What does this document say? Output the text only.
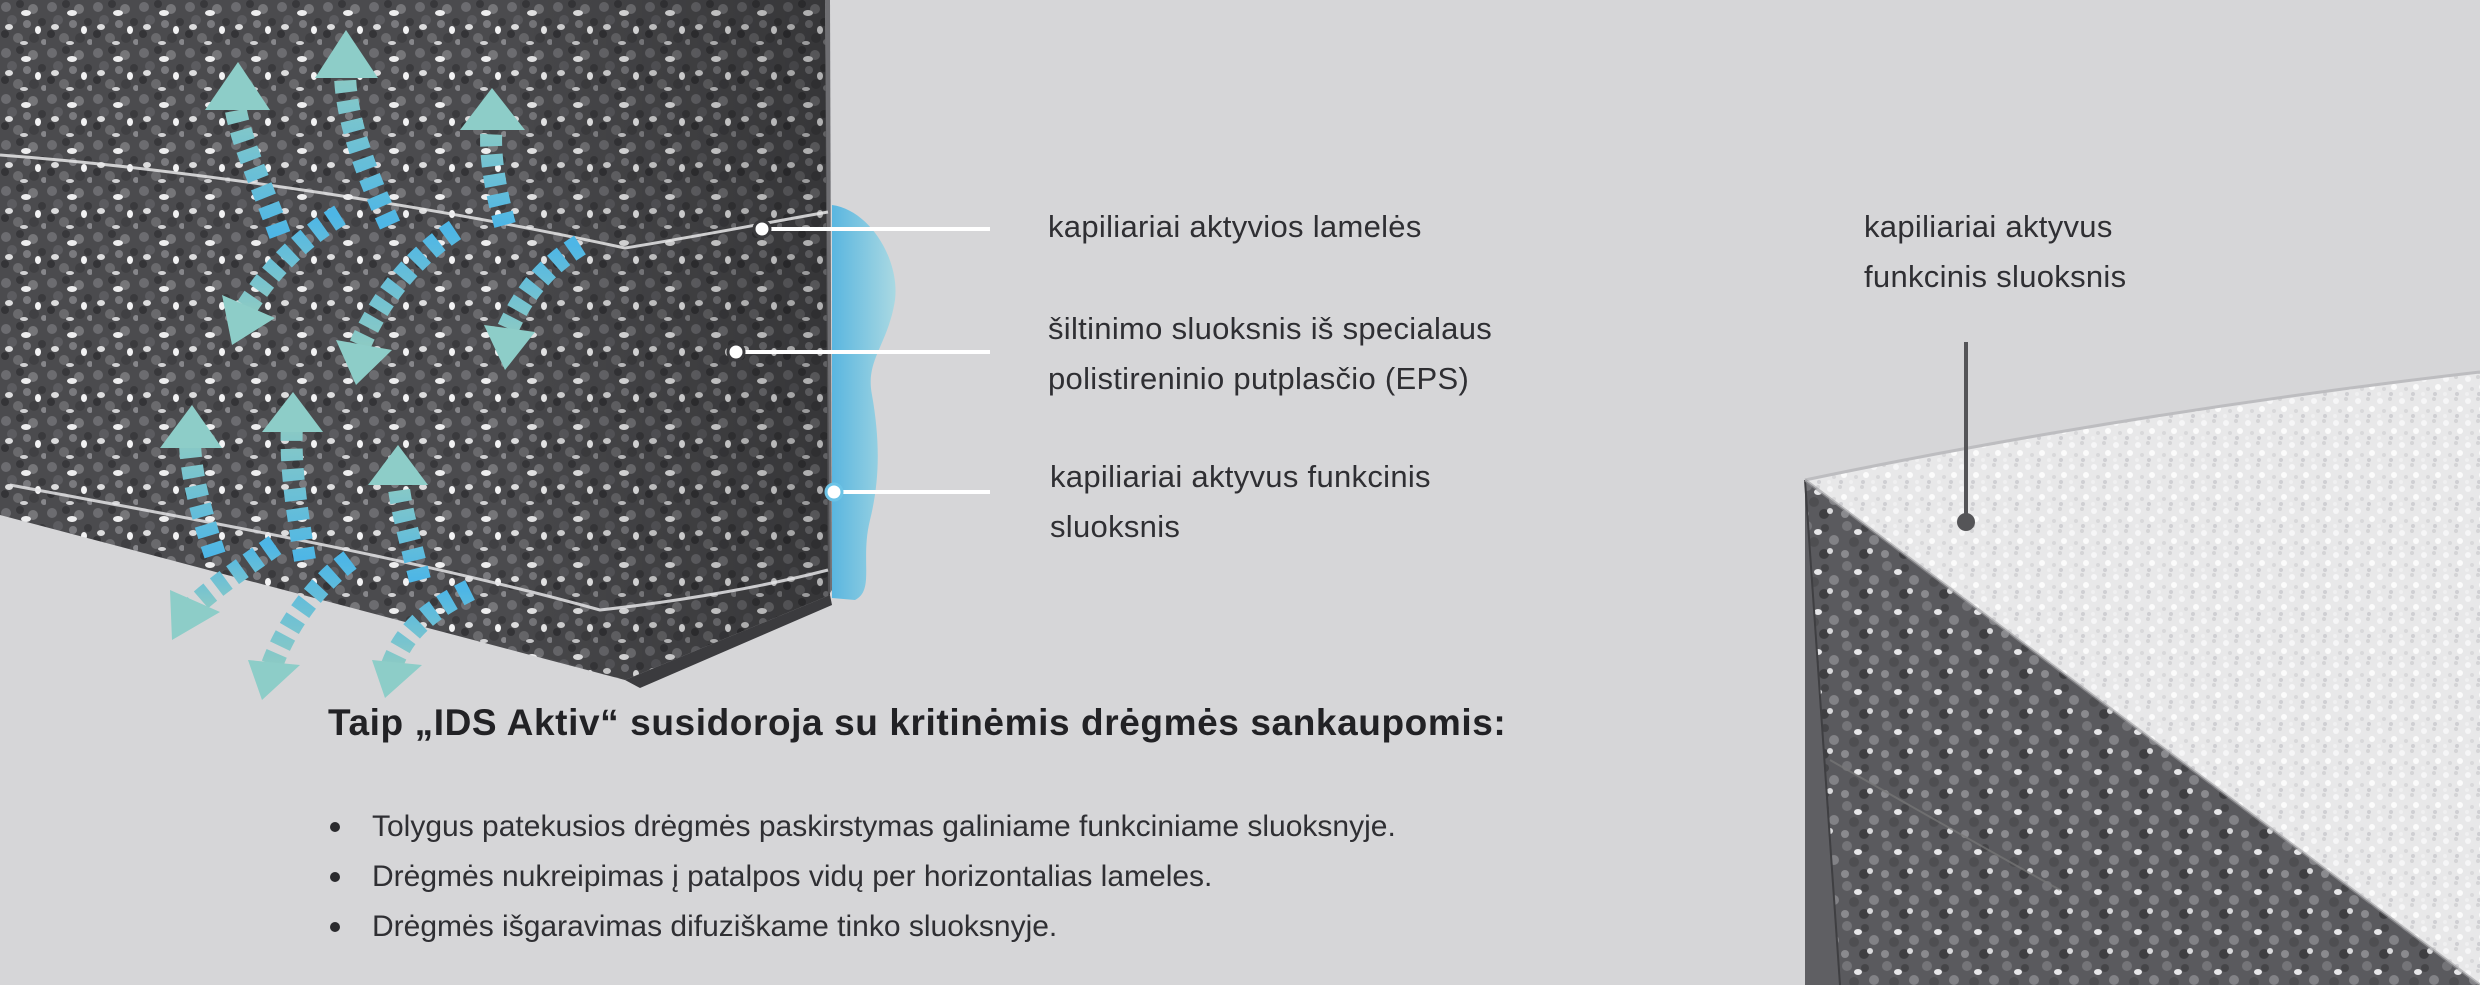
kapiliariai aktyvios lamelės
šiltinimo sluoksnis iš specialaus
polistireninio putplasčio (EPS)
kapiliariai aktyvus funkcinis
sluoksnis
kapiliariai aktyvus
funkcinis sluoksnis
Taip „IDS Aktiv“ susidoroja su kritinėmis drėgmės sankaupomis:
Tolygus patekusios drėgmės paskirstymas galiniame funkciniame sluoksnyje.
Drėgmės nukreipimas į patalpos vidų per horizontalias lameles.
Drėgmės išgaravimas difuziškame tinko sluoksnyje.
